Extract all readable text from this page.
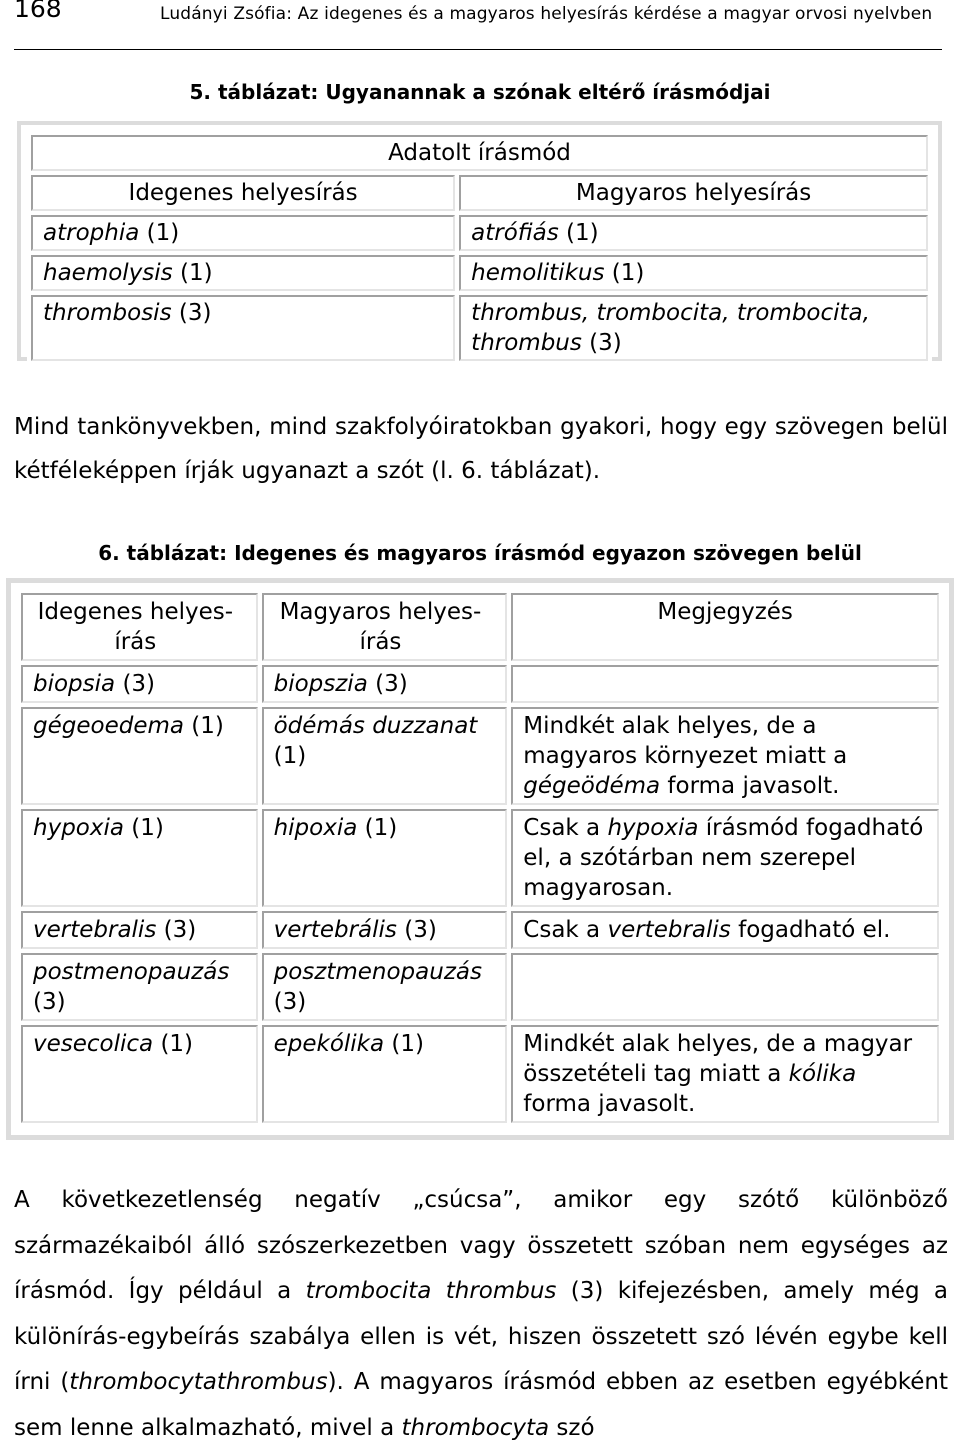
168	Ludányi Zsófia: Az idegenes és a magyaros helyesírás kérdése a magyar orvosi nyelvben
5. táblázat: Ugyanannak a szónak eltérő írásmódjai
Adatolt írásmód	
Idegenes helyesírás	Magyaros helyesírás
atrophia (1)	atrófiás (1)
haemolysis (1)	hemolitikus (1)
thrombosis (3)	thrombus, trombocita, trombocita, thrombus (3)
Mind tankönyvekben, mind szakfolyóiratokban gyakori, hogy egy szövegen belül kétféleképpen írják ugyanazt a szót (l. 6. táblázat).
6. táblázat: Idegenes és magyaros írásmód egyazon szövegen belül
Idegenes helyes-írás	Magyaros helyes-írás	Megjegyzés
biopsia (3)	biopszia (3)	
gégeoedema (1)	ödémás duzzanat (1)	Mindkét alak helyes, de a magyaros környezet miatt a gégeödéma forma javasolt.
hypoxia (1)	hipoxia (1)	Csak a hypoxia írásmód fogadható el, a szótárban nem szerepel magyarosan.
vertebralis (3)	vertebrális (3)	Csak a vertebralis fogadható el.
postmenopauzás (3)	posztmenopauzás (3)	
vesecolica (1)	epekólika (1)	Mindkét alak helyes, de a magyar összetételi tag miatt a kólika forma javasolt.
A következetlenség negatív „csúcsa”, amikor egy szótő különböző származékaiból álló szószerkezetben vagy összetett szóban nem egységes az írásmód. Így például a trombocita thrombus (3) kifejezésben, amely még a különírás-egybeírás szabálya ellen is vét, hiszen összetett szó lévén egybe kell írni (thrombocytathrombus). A magyaros írásmód ebben az esetben egyébként sem lenne alkalmazható, mivel a thrombocyta szó
